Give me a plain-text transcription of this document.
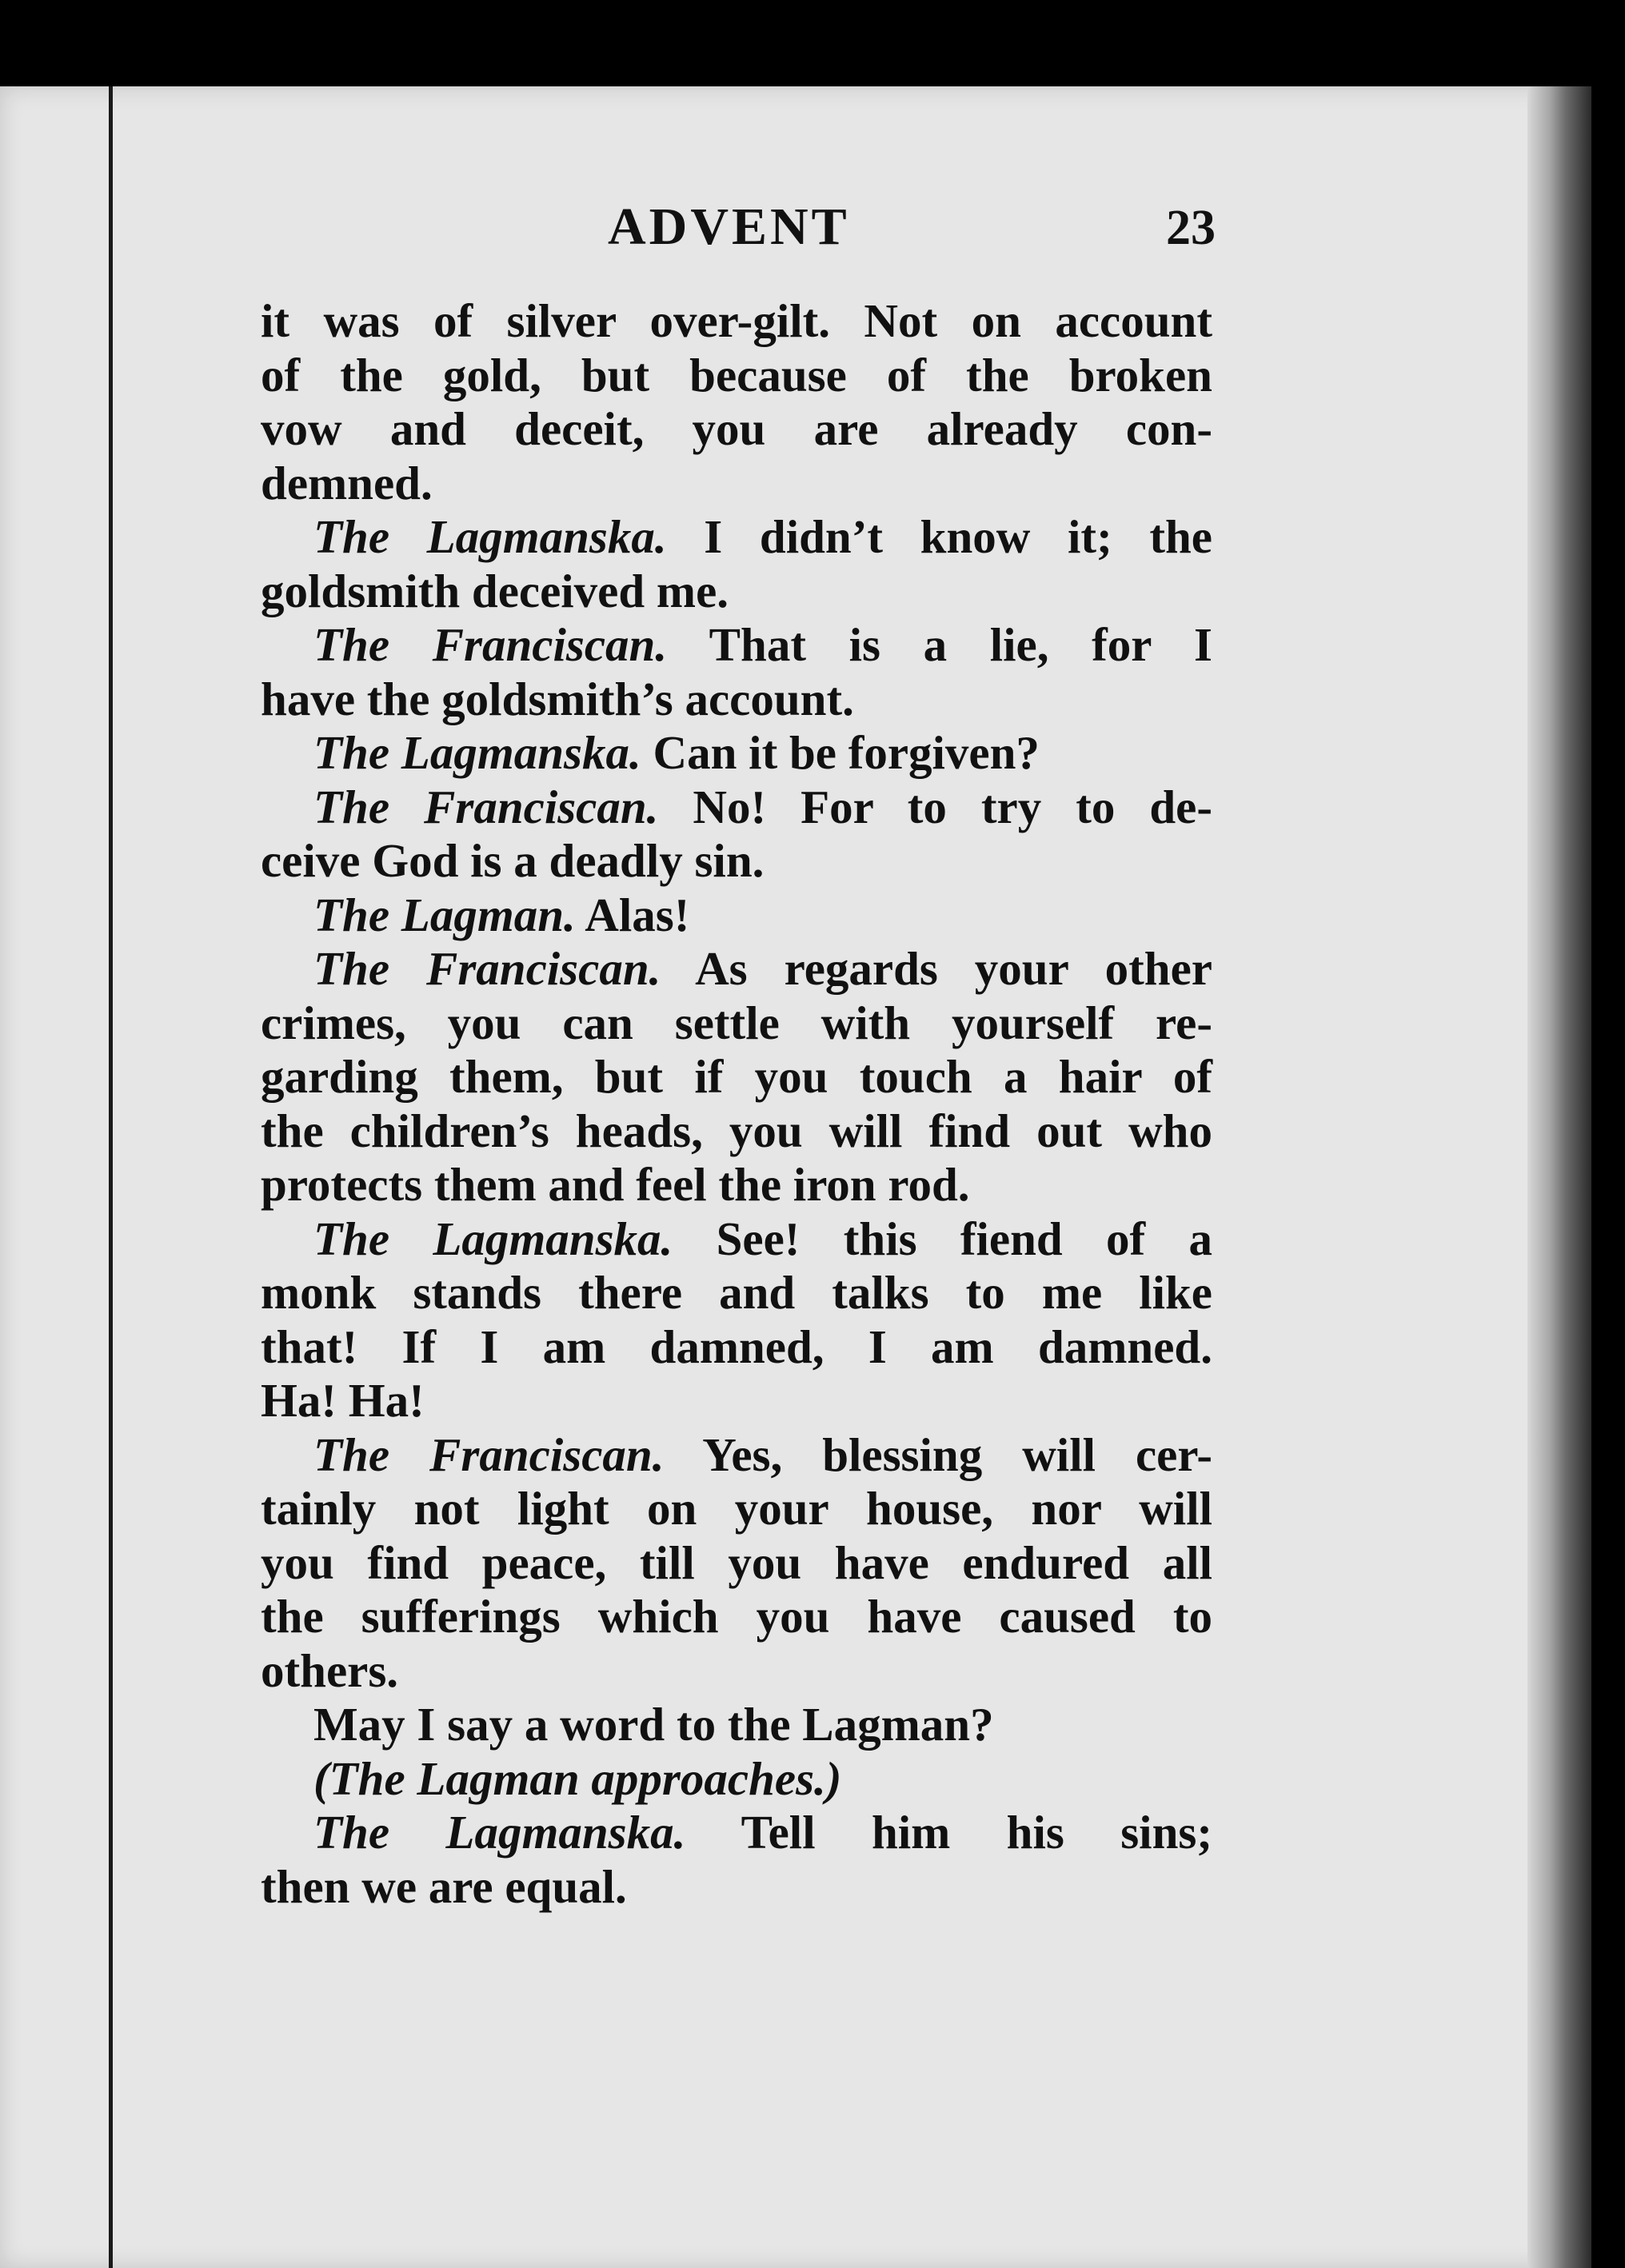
ADVENT	23
it was of silver over-gilt. Not on account
of the gold, but because of the broken
vow and deceit, you are already con-
demned.
The Lagmanska. I didn’t know it; the
goldsmith deceived me.
The Franciscan. That is a lie, for I
have the goldsmith’s account.
The Lagmanska. Can it be forgiven?
The Franciscan. No! For to try to de-
ceive God is a deadly sin.
The Lagman. Alas!
The Franciscan. As regards your other
crimes, you can settle with yourself re-
garding them, but if you touch a hair of
the children’s heads, you will find out who
protects them and feel the iron rod.
The Lagmanska. See! this fiend of a
monk stands there and talks to me like
that! If I am damned, I am damned.
Ha! Ha!
The Franciscan. Yes, blessing will cer-
tainly not light on your house, nor will
you find peace, till you have endured all
the sufferings which you have caused to
others.
May I say a word to the Lagman?
(The Lagman approaches.)
The Lagmanska. Tell him his sins;
then we are equal.
